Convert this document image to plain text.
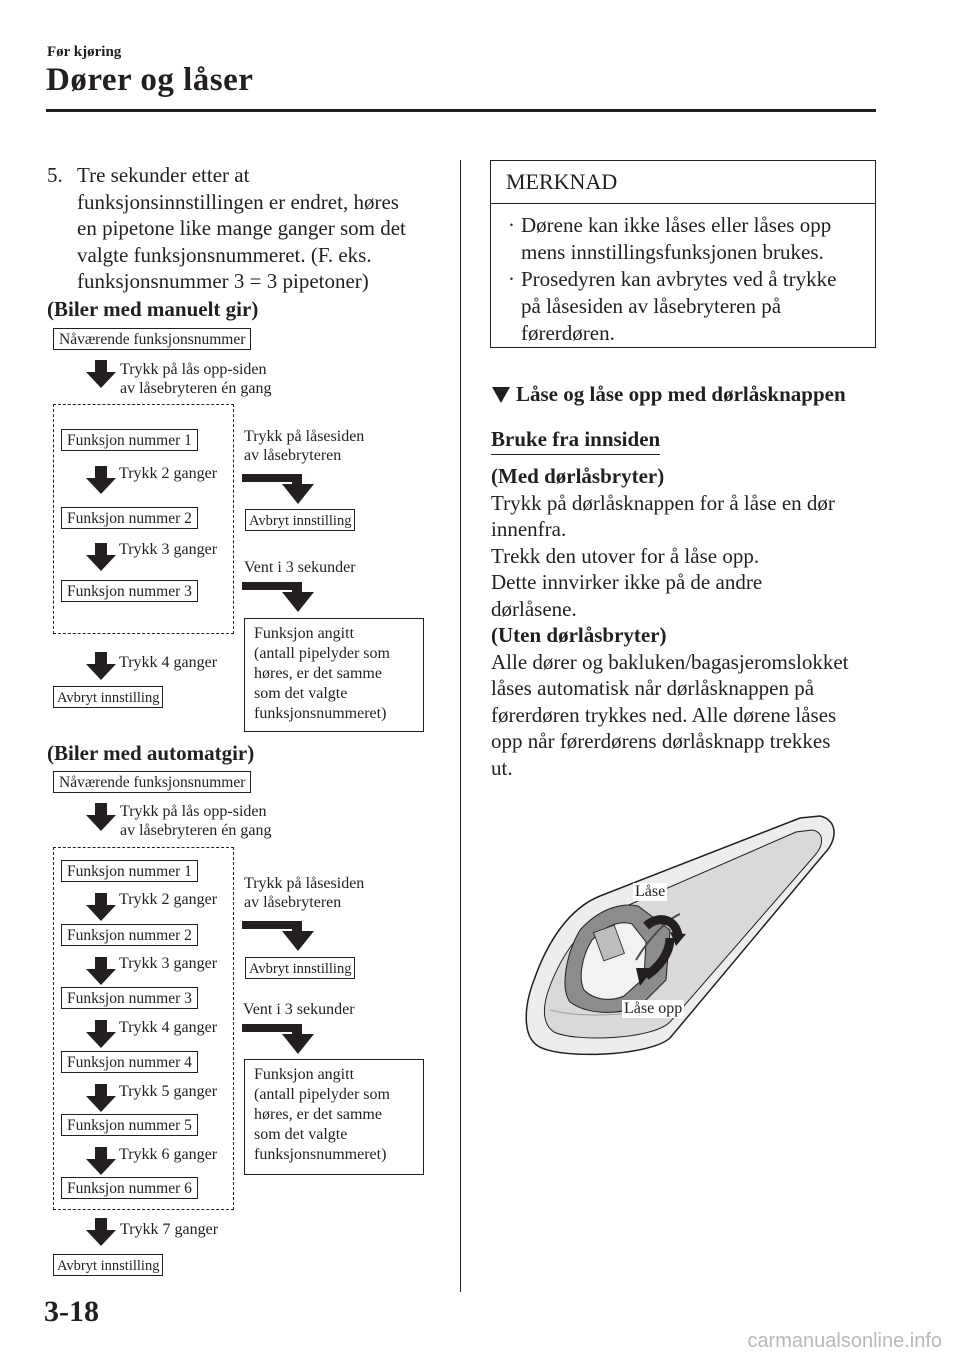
Før kjøring
Dører og låser
5. Tre sekunder etter at
funksjonsinnstillingen er endret, høres
en pipetone like mange ganger som det
valgte funksjonsnummeret. (F. eks.
funksjonsnummer 3 = 3 pipetoner)
(Biler med manuelt gir)
Nåværende funksjonsnummer
Trykk på lås opp-siden
av låsebryteren én gang
Funksjon nummer 1
Trykk 2 ganger
Funksjon nummer 2
Trykk 3 ganger
Funksjon nummer 3
Trykk på låsesiden
av låsebryteren
Avbryt innstilling
Vent i 3 sekunder
Funksjon angitt
(antall pipelyder som
høres, er det samme
som det valgte
funksjonsnummeret)
Trykk 4 ganger
Avbryt innstilling
(Biler med automatgir)
Nåværende funksjonsnummer
Trykk på lås opp-siden
av låsebryteren én gang
Funksjon nummer 1
Trykk 2 ganger
Funksjon nummer 2
Trykk 3 ganger
Funksjon nummer 3
Trykk 4 ganger
Funksjon nummer 4
Trykk 5 ganger
Funksjon nummer 5
Trykk 6 ganger
Funksjon nummer 6
Trykk på låsesiden
av låsebryteren
Avbryt innstilling
Vent i 3 sekunder
Funksjon angitt
(antall pipelyder som
høres, er det samme
som det valgte
funksjonsnummeret)
Trykk 7 ganger
Avbryt innstilling
MERKNAD
· Dørene kan ikke låses eller låses opp
mens innstillingsfunksjonen brukes.
· Prosedyren kan avbrytes ved å trykke
på låsesiden av låsebryteren på
førerdøren.
Låse og låse opp med dørlåsknappen
Bruke fra innsiden
(Med dørlåsbryter)
Trykk på dørlåsknappen for å låse en dør
innenfra.
Trekk den utover for å låse opp.
Dette innvirker ikke på de andre
dørlåsene.
(Uten dørlåsbryter)
Alle dører og bakluken/bagasjeromslokket
låses automatisk når dørlåsknappen på
førerdøren trykkes ned. Alle dørene låses
opp når førerdørens dørlåsknapp trekkes
ut.
Låse
Låse opp
3-18
carmanualsonline.info
